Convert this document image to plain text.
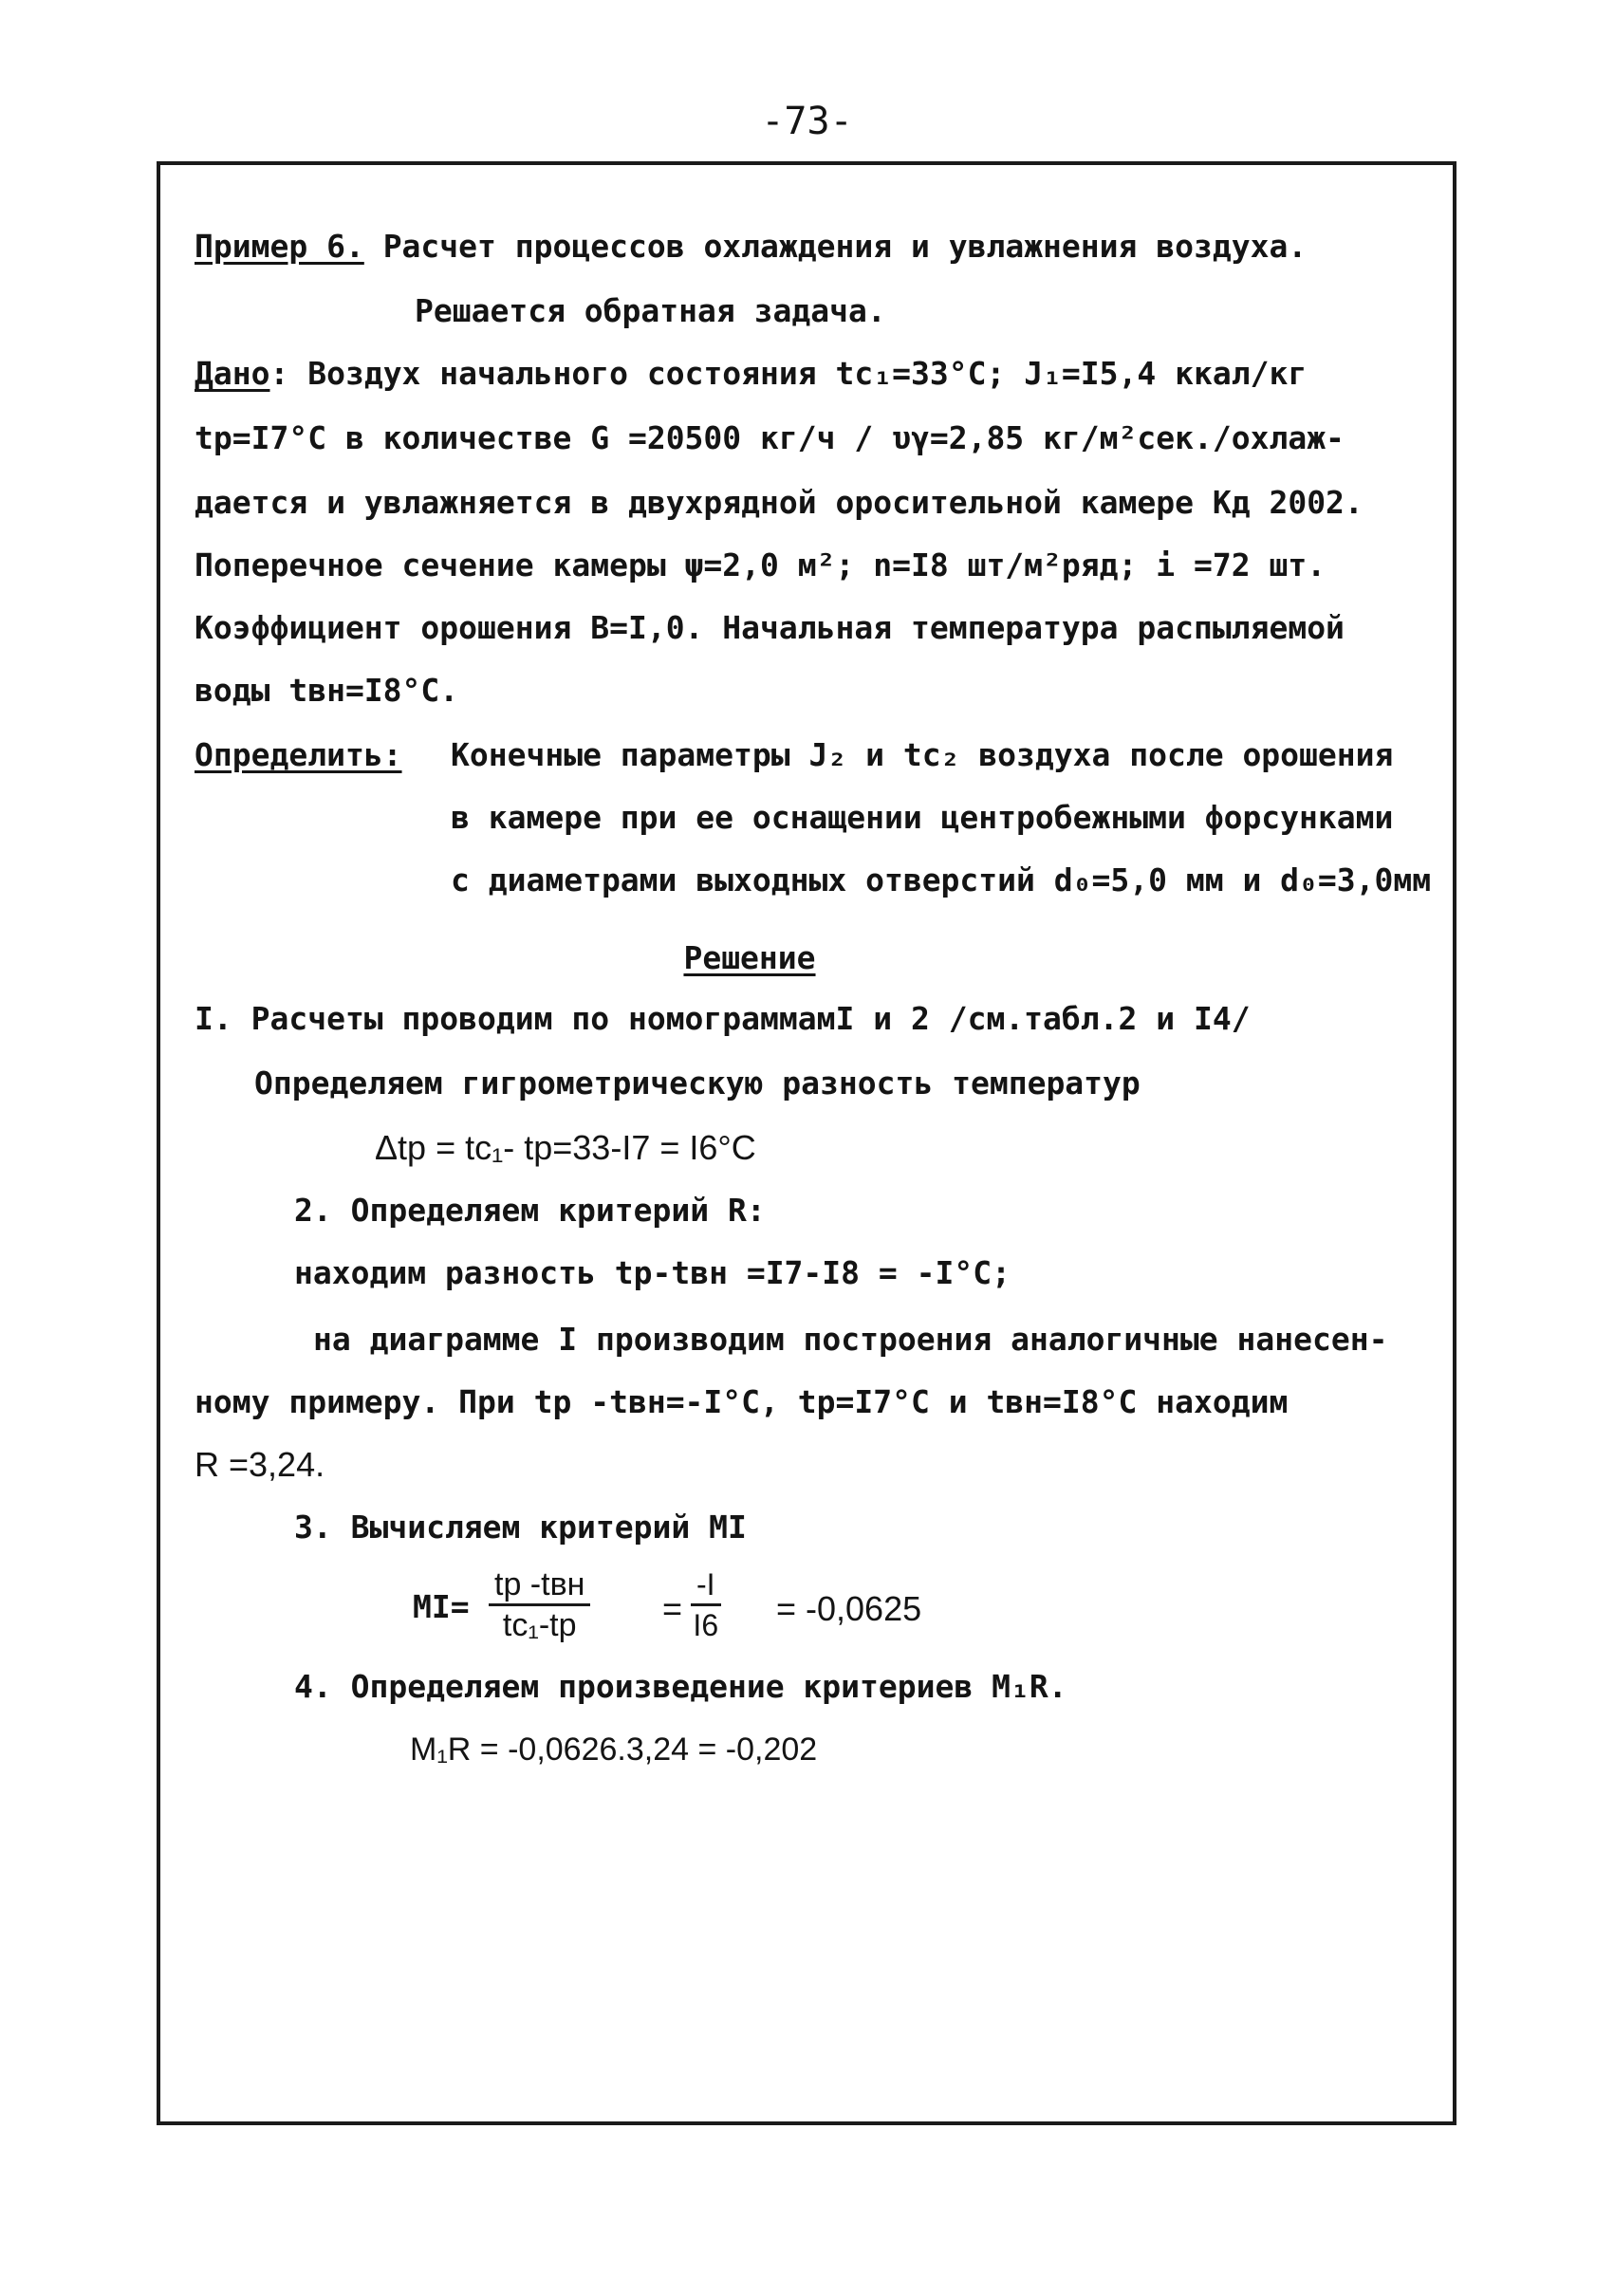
-73-
Пример 6. Расчет процессов охлаждения и увлажнения воздуха.
Решается обратная задача.
Дано: Воздух начального состояния tс₁=33°С; J₁=I5,4 ккал/кг
tр=I7°С в количестве G =20500 кг/ч / υγ=2,85 кг/м²сек./охлаж-
дается и увлажняется в двухрядной оросительной камере Кд 2002.
Поперечное сечение камеры ψ=2,0 м²; n=I8 шт/м²ряд; i =72 шт.
Коэффициент орошения B=I,0. Начальная температура распыляемой
воды tвн=I8°С.
Определить: Конечные параметры J₂ и tс₂ воздуха после орошения
в камере при ее оснащении центробежными форсунками
с диаметрами выходных отверстий d₀=5,0 мм и d₀=3,0мм
Решение
I. Расчеты проводим по номограммамI и 2 /см.табл.2 и I4/
Определяем гигрометрическую разность температур
Δtр = tс₁- tр=33-I7 = I6°С
2. Определяем критерий R:
находим разность tр-tвн =I7-I8 = -I°С;
на диаграмме I производим построения аналогичные нанесен-
ному примеру. При tр -tвн=-I°С, tр=I7°С и tвн=I8°С находим
R =3,24.
3. Вычисляем критерий MI
MI=
tр -tвн
tс₁-tр	= $\frac{-I}{I6} = -0,0625$
4. Определяем произведение критериев M₁R.
M₁R = -0,0626.3,24 = -0,202
